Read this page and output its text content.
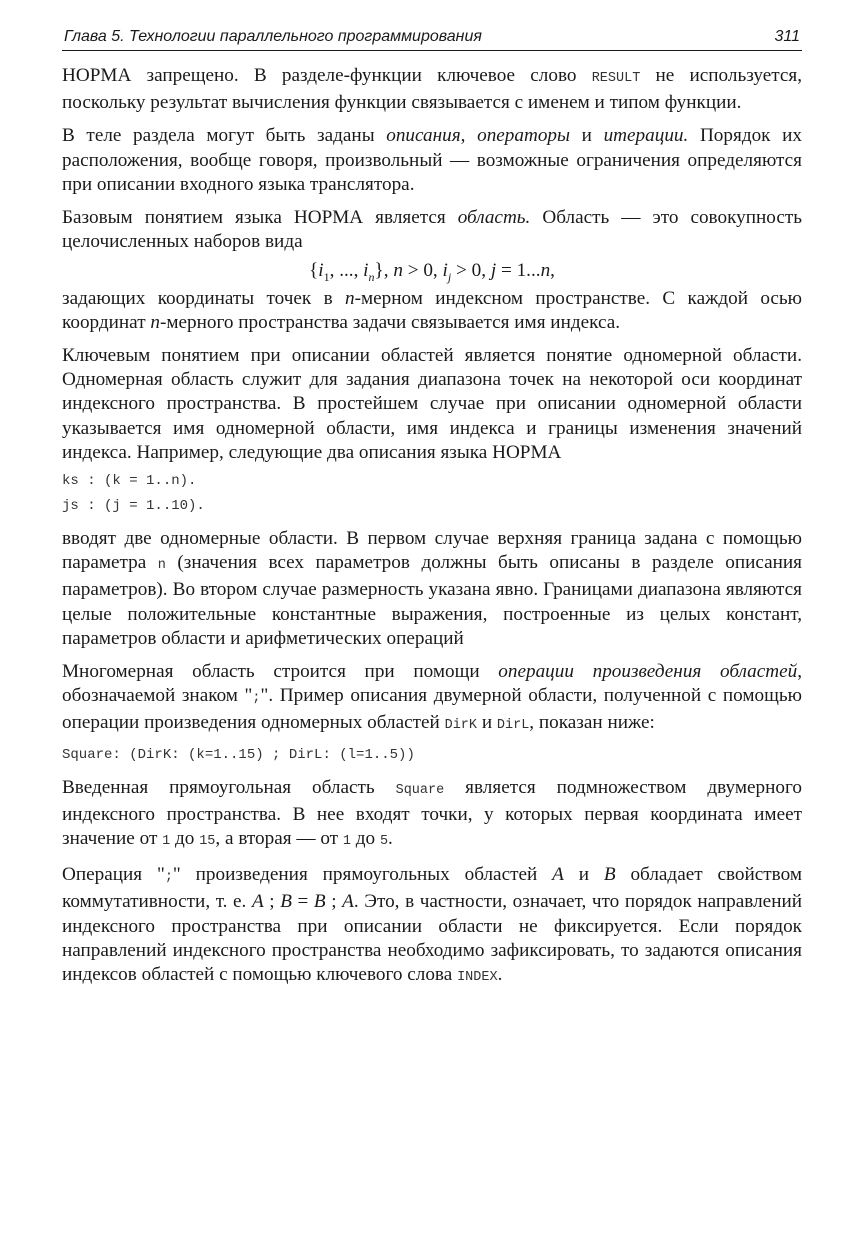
Глава 5. Технологии параллельного программирования	311

НОРМА запрещено. В разделе-функции ключевое слово RESULT не используется, поскольку результат вычисления функции связывается с именем и типом функции.

В теле раздела могут быть заданы описания, операторы и итерации. Порядок их расположения, вообще говоря, произвольный — возможные ограничения определяются при описании входного языка транслятора.

Базовым понятием языка НОРМА является область. Область — это совокупность целочисленных наборов вида

{$i_1$, ..., $i_n$}, n > 0, $i_j > 0$, j = 1...n,

задающих координаты точек в n-мерном индексном пространстве. С каждой осью координат n-мерного пространства задачи связывается имя индекса.

Ключевым понятием при описании областей является понятие одномерной области. Одномерная область служит для задания диапазона точек на некоторой оси координат индексного пространства. В простейшем случае при описании одномерной области указывается имя одномерной области, имя индекса и границы изменения значений индекса. Например, следующие два описания языка НОРМА

ks : (k = 1..n).
js : (j = 1..10).

вводят две одномерные области. В первом случае верхняя граница задана с помощью параметра n (значения всех параметров должны быть описаны в разделе описания параметров). Во втором случае размерность указана явно. Границами диапазона являются целые положительные константные выражения, построенные из целых констант, параметров области и арифметических операций

Многомерная область строится при помощи операции произведения областей, обозначаемой знаком ";". Пример описания двумерной области, полученной с помощью операции произведения одномерных областей DirK и DirL, показан ниже:

Square: (DirK: (k=1..15) ; DirL: (l=1..5))

Введенная прямоугольная область Square является подмножеством двумерного индексного пространства. В нее входят точки, у которых первая координата имеет значение от 1 до 15, а вторая — от 1 до 5.

Операция ";" произведения прямоугольных областей A и B обладает свойством коммутативности, т. е. A ; B = B ; A. Это, в частности, означает, что порядок направлений индексного пространства при описании области не фиксируется. Если порядок направлений индексного пространства необходимо зафиксировать, то задаются описания индексов областей с помощью ключевого слова INDEX.
